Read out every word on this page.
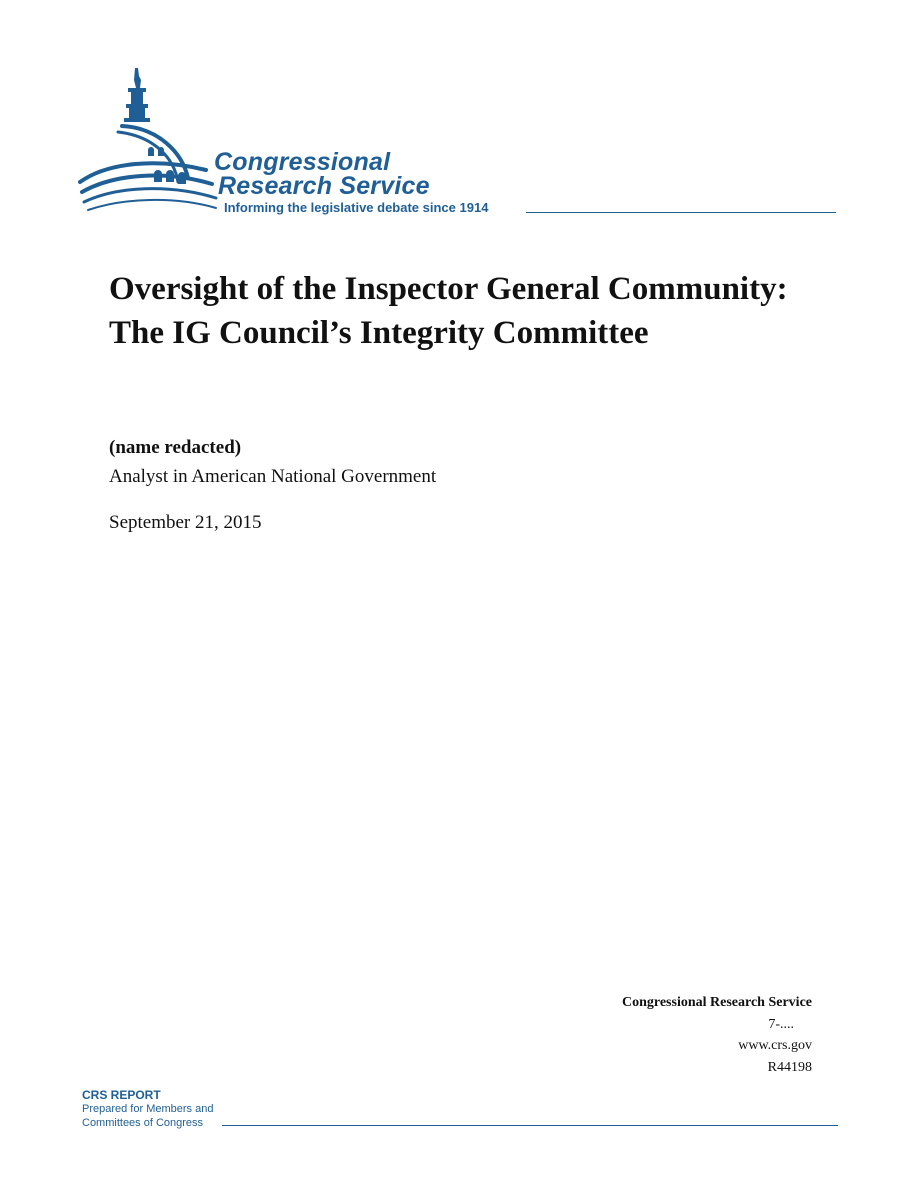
Congressional
Research Service
Informing the legislative debate since 1914
Oversight of the Inspector General Community: The IG Council’s Integrity Committee
(name redacted)
Analyst in American National Government
September 21, 2015
Congressional Research Service
7-....
www.crs.gov
R44198
CRS REPORT
Prepared for Members and
Committees of Congress
